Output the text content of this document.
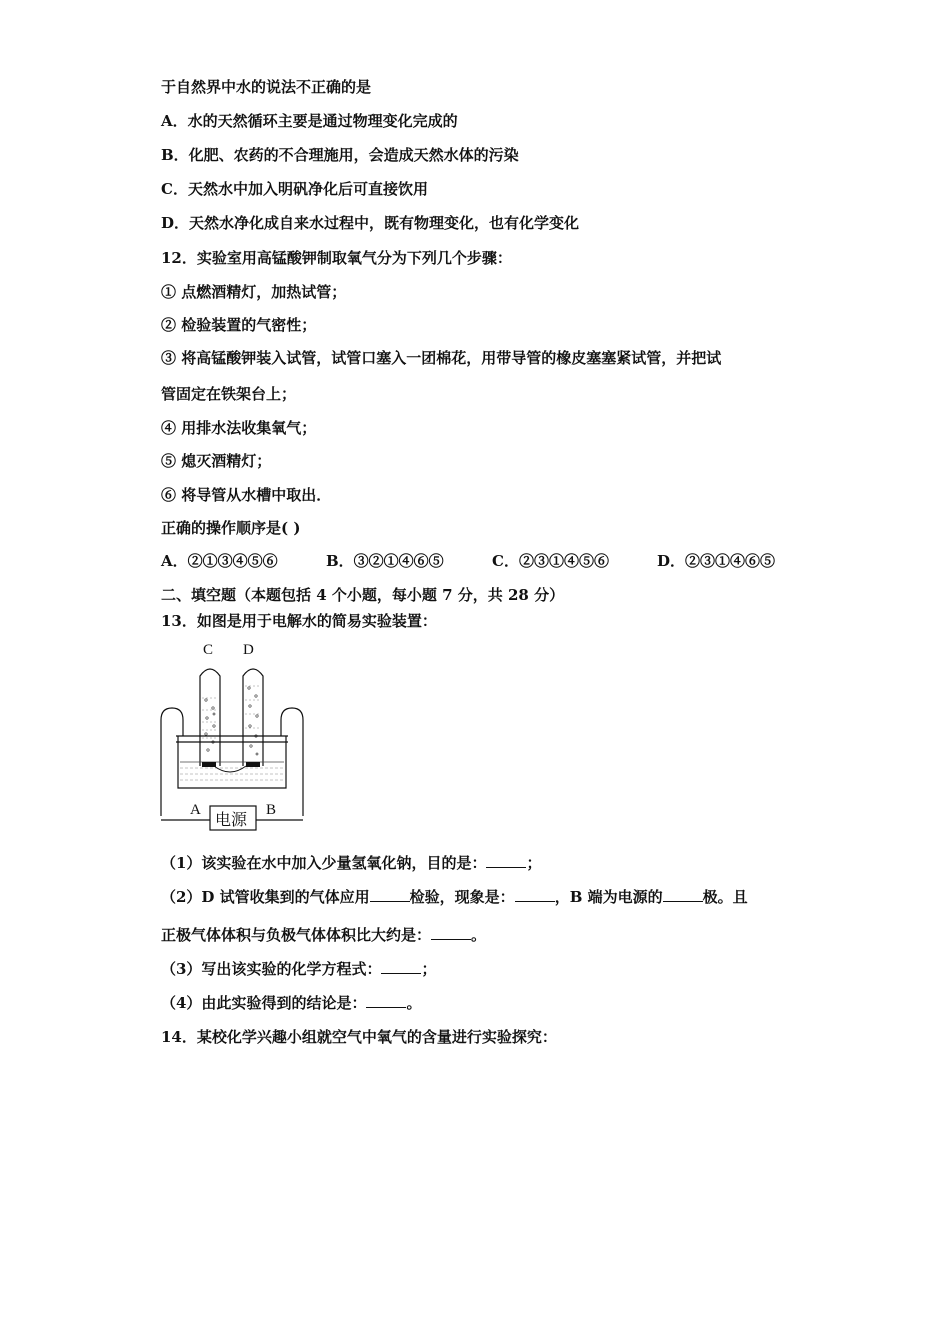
于自然界中水的说法不正确的是
A．水的天然循环主要是通过物理变化完成的
B．化肥、农药的不合理施用，会造成天然水体的污染
C．天然水中加入明矾净化后可直接饮用
D．天然水净化成自来水过程中，既有物理变化，也有化学变化
12．实验室用高锰酸钾制取氧气分为下列几个步骤：
① 点燃酒精灯，加热试管；
② 检验装置的气密性；
③ 将高锰酸钾装入试管，试管口塞入一团棉花，用带导管的橡皮塞塞紧试管，并把试
管固定在铁架台上；
④ 用排水法收集氧气；
⑤ 熄灭酒精灯；
⑥ 将导管从水槽中取出．
正确的操作顺序是( )
A．②①③④⑤⑥	B．③②①④⑥⑤	C．②③①④⑤⑥	D．②③①④⑥⑤
二、填空题（本题包括 4 个小题，每小题 7 分，共 28 分）
13．如图是用于电解水的简易实验装置：
C D
A	B
电源
（1）该实验在水中加入少量氢氧化钠，目的是：	；
（2）D 试管收集到的气体应用	检验，现象是：	，B 端为电源的	极。且
正极气体体积与负极气体体积比大约是：	。
（3）写出该实验的化学方程式：	；
（4）由此实验得到的结论是：	。
14．某校化学兴趣小组就空气中氧气的含量进行实验探究：
